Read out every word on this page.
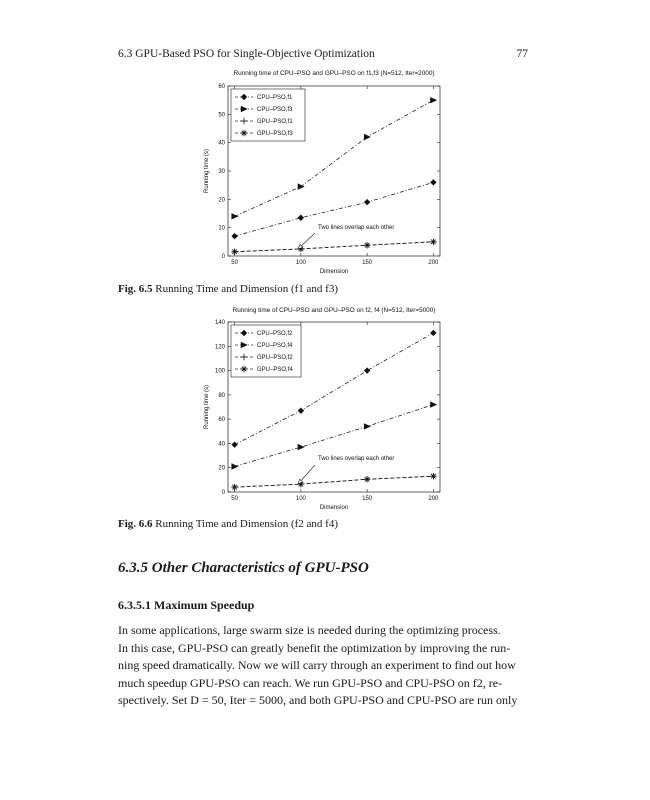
6.3 GPU-Based PSO for Single-Objective Optimization	77
Running time of CPU–PSO and GPU–PSO on f1,f3 (N=512, Iter=2000)
0
10
20
30
40
50
60
50	100	150	200
Dimension
Running time (s)
CPU–PSO,f1
CPU–PSO,f3
GPU–PSO,f1
GPU–PSO,f3
Two lines overlap each other
Fig. 6.5 Running Time and Dimension (f1 and f3)
Running time of CPU–PSO and GPU–PSO on f2, f4 (N=512, Iter=5000)
0
20
40
60
80
100
120
140
50	100	150	200
Dimension
Running time (s)
CPU–PSO,f2
CPU–PSO,f4
GPU–PSO,f2
GPU–PSO,f4
Two lines overlap each other
Fig. 6.6 Running Time and Dimension (f2 and f4)
6.3.5 Other Characteristics of GPU-PSO
6.3.5.1 Maximum Speedup
In some applications, large swarm size is needed during the optimizing process.
In this case, GPU-PSO can greatly benefit the optimization by improving the run-
ning speed dramatically. Now we will carry through an experiment to find out how
much speedup GPU-PSO can reach. We run GPU-PSO and CPU-PSO on f2, re-
spectively. Set D = 50, Iter = 5000, and both GPU-PSO and CPU-PSO are run only
